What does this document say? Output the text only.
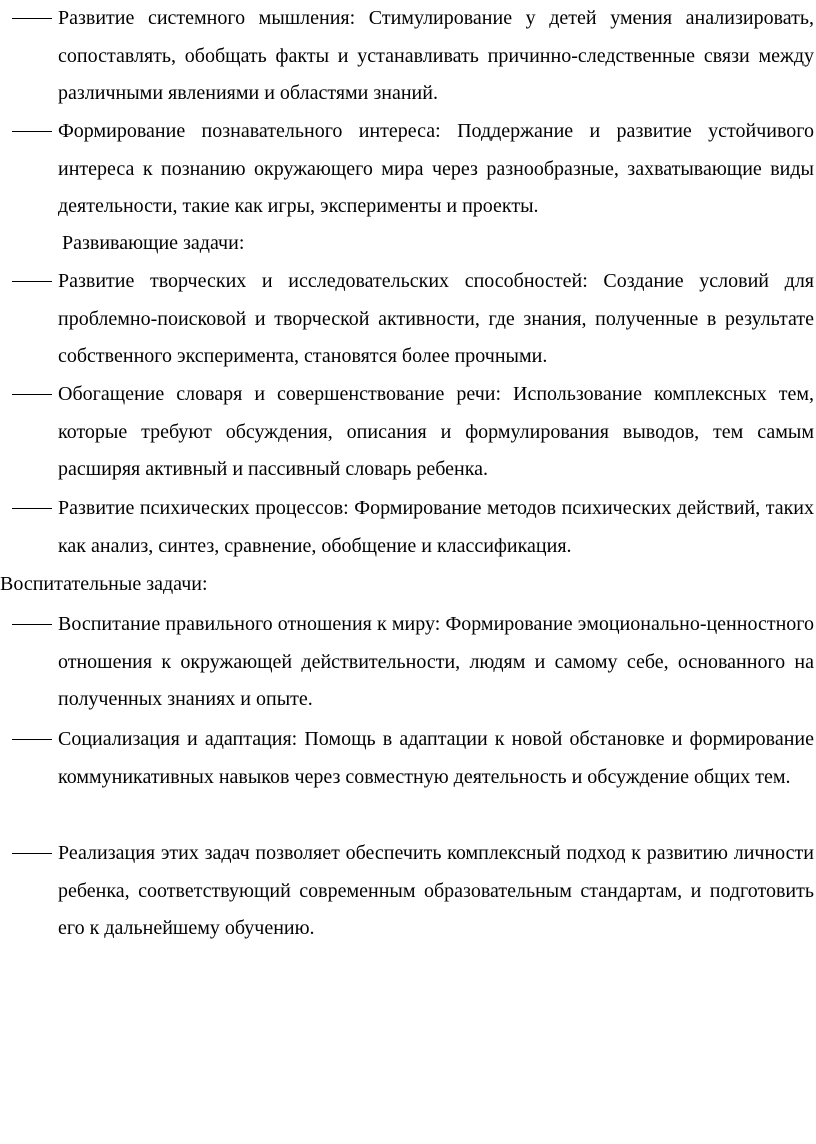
Развитие системного мышления: Стимулирование у детей умения анализировать, сопоставлять, обобщать факты и устанавливать причинно-следственные связи между различными явлениями и областями знаний.
Формирование познавательного интереса: Поддержание и развитие устойчивого интереса к познанию окружающего мира через разнообразные, захватывающие виды деятельности, такие как игры, эксперименты и проекты.
Развивающие задачи:
Развитие творческих и исследовательских способностей: Создание условий для проблемно-поисковой и творческой активности, где знания, полученные в результате собственного эксперимента, становятся более прочными.
Обогащение словаря и совершенствование речи: Использование комплексных тем, которые требуют обсуждения, описания и формулирования выводов, тем самым расширяя активный и пассивный словарь ребенка.
Развитие психических процессов: Формирование методов психических действий, таких как анализ, синтез, сравнение, обобщение и классификация.
Воспитательные задачи:
Воспитание правильного отношения к миру: Формирование эмоционально-ценностного отношения к окружающей действительности, людям и самому себе, основанного на полученных знаниях и опыте.
Социализация и адаптация: Помощь в адаптации к новой обстановке и формирование коммуникативных навыков через совместную деятельность и обсуждение общих тем.
Реализация этих задач позволяет обеспечить комплексный подход к развитию личности ребенка, соответствующий современным образовательным стандартам, и подготовить его к дальнейшему обучению.
